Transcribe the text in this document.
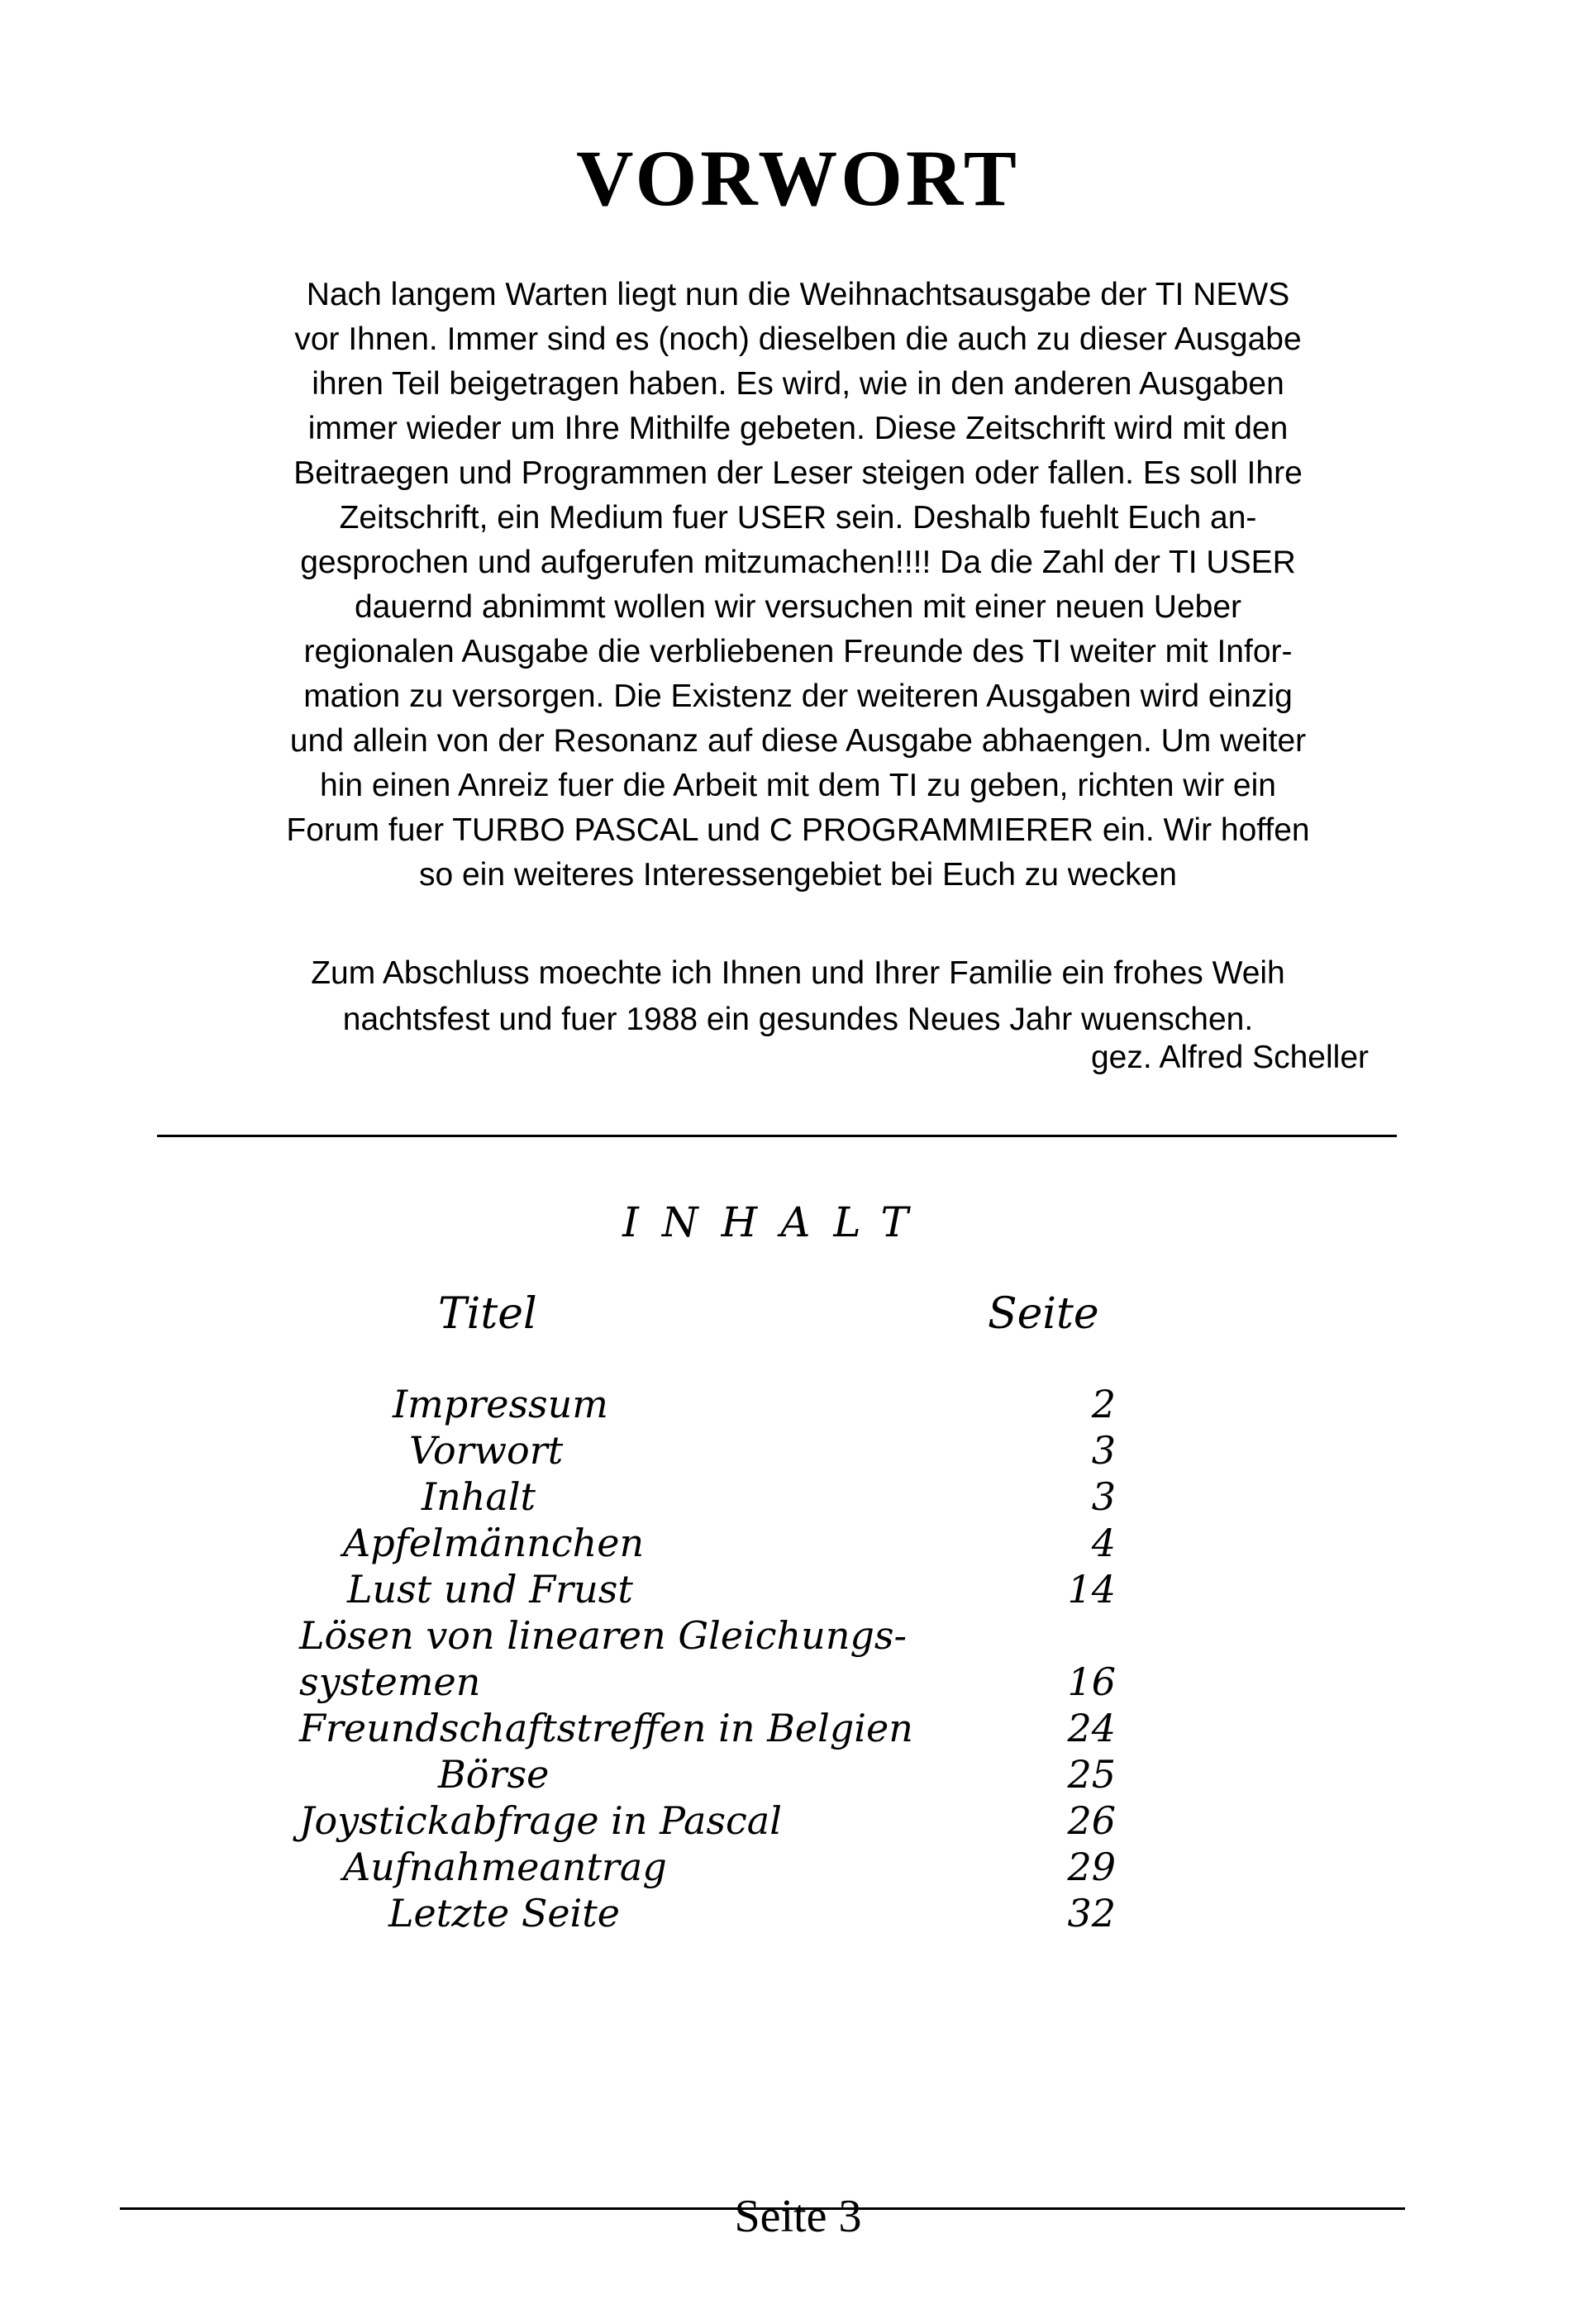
VORWORT
Nach langem Warten liegt nun die Weihnachtsausgabe der TI NEWS
vor Ihnen. Immer sind es (noch) dieselben die auch zu dieser Ausgabe
ihren Teil beigetragen haben. Es wird, wie in den anderen Ausgaben
immer wieder um Ihre Mithilfe gebeten. Diese Zeitschrift wird mit den
Beitraegen und Programmen der Leser steigen oder fallen. Es soll Ihre
Zeitschrift, ein Medium fuer USER sein. Deshalb fuehlt Euch an-
gesprochen und aufgerufen mitzumachen!!!! Da die Zahl der TI USER
dauernd abnimmt wollen wir versuchen mit einer neuen Ueber
regionalen Ausgabe die verbliebenen Freunde des TI weiter mit Infor-
mation zu versorgen. Die Existenz der weiteren Ausgaben wird einzig
und allein von der Resonanz auf diese Ausgabe abhaengen. Um weiter
hin einen Anreiz fuer die Arbeit mit dem TI zu geben, richten wir ein
Forum fuer TURBO PASCAL und C PROGRAMMIERER ein. Wir hoffen
so ein weiteres Interessengebiet bei Euch zu wecken
Zum Abschluss moechte ich Ihnen und Ihrer Familie ein frohes Weih
nachtsfest und fuer 1988 ein gesundes Neues Jahr wuenschen.
gez. Alfred Scheller
INHALT
Titel	Seite
Impressum	2
Vorwort	3
Inhalt	3
Apfelmännchen	4
Lust und Frust	14
Lösen von linearen Gleichungs-
systemen	16
Freundschaftstreffen in Belgien	24
Börse	25
Joystickabfrage in Pascal	26
Aufnahmeantrag	29
Letzte Seite	32
Seite 3
